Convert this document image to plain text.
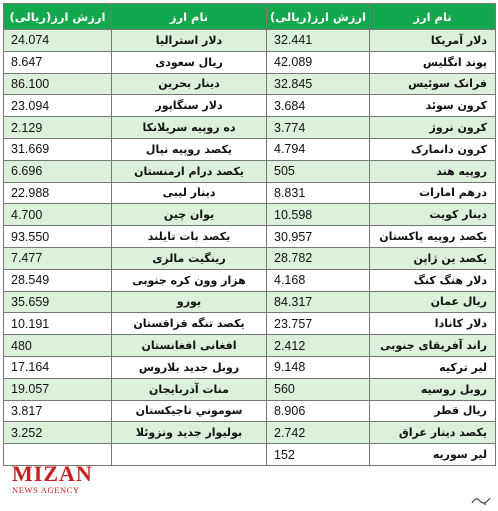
ارزش ارز(ریالی)	نام ارز	ارزش ارز(ریالی)	نام ارز
24.074	دلار استرالیا	32.441	دلار آمریکا
8.647	ریال سعودی	42.089	پوند انگلیس
86.100	دینار بحرین	32.845	فرانک سوئیس
23.094	دلار سنگاپور	3.684	کرون سوئد
2.129	ده روپیه سریلانکا	3.774	کرون نروژ
31.669	یکصد روپیه نپال	4.794	کرون دانمارک
6.696	یکصد درام ارمنستان	505	روپیه هند
22.988	دینار لیبی	8.831	درهم امارات
4.700	یوان چین	10.598	دینار کویت
93.550	یکصد بات تایلند	30.957	یکصد روپیه پاکستان
7.477	رینگیت مالزی	28.782	یکصد ین ژاپن
28.549	هزار وون کره جنوبی	4.168	دلار هنگ کنگ
35.659	یورو	84.317	ریال عمان
10.191	یکصد تنگه قزاقستان	23.757	دلار کانادا
480	افغانی افغانستان	2.412	راند آفریقای جنوبی
17.164	روبل جدید بلاروس	9.148	لیر ترکیه
19.057	منات آذربایجان	560	روبل روسیه
3.817	سوموني تاجيكستان	8.906	ریال قطر
3.252	بولیوار جدید ونزوئلا	2.742	یکصد دینار عراق
		152	لیر سوریه
MIZAN
NEWS AGENCY
